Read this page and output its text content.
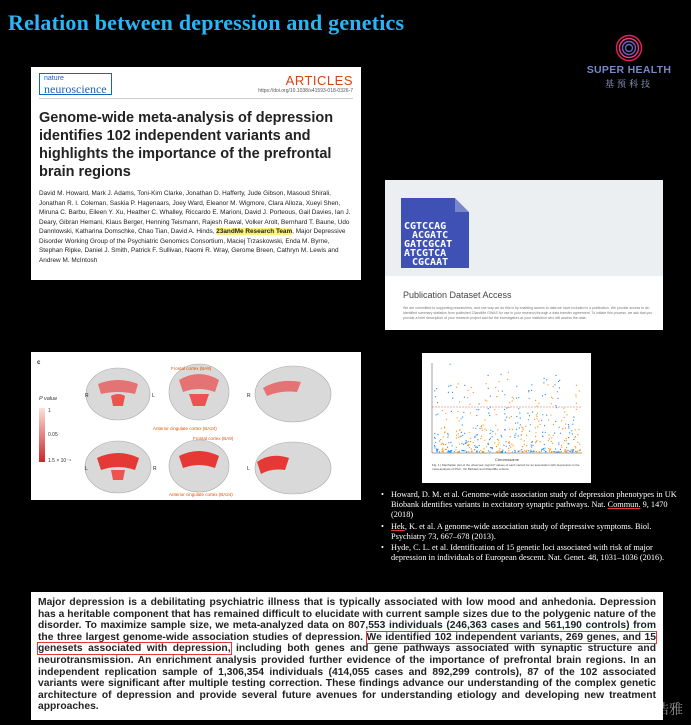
Relation between depression and genetics
SUPER HEALTH
基预科技
nature
neuroscience
ARTICLES
https://doi.org/10.1038/s41593-018-0326-7
Genome-wide meta-analysis of depression identifies 102 independent variants and highlights the importance of the prefrontal brain regions
David M. Howard, Mark J. Adams, Toni-Kim Clarke, Jonathan D. Hafferty, Jude Gibson, Masoud Shirali, Jonathan R. I. Coleman, Saskia P. Hagenaars, Joey Ward, Eleanor M. Wigmore, Clara Alloza, Xueyi Shen, Miruna C. Barbu, Eileen Y. Xu, Heather C. Whalley, Riccardo E. Marioni, David J. Porteous, Gail Davies, Ian J. Deary, Gibran Hemani, Klaus Berger, Henning Teismann, Rajesh Rawal, Volker Arolt, Bernhard T. Baune, Udo Dannlowski, Katharina Domschke, Chao Tian, David A. Hinds, 23andMe Research Team, Major Depressive Disorder Working Group of the Psychiatric Genomics Consortium, Maciej Trzaskowski, Enda M. Byrne, Stephan Ripke, Daniel J. Smith, Patrick F. Sullivan, Naomi R. Wray, Gerome Breen, Cathryn M. Lewis and Andrew M. McIntosh
CGTCCAG
ACGATC
GATCGCAT
ATCGTCA
CGCAAT
Publication Dataset Access
We are committed to supporting researchers, and one way we do this is by enabling access to data we have included in a publication. We provide access to de-identified summary statistics from published 23andMe GWAS for use in your research through a data transfer agreement. To initiate this process, we ask that you provide a brief description of your research project and list the investigators at your institution who will access the data.
c
P value
1
0.05
1.5 × 10⁻⁴
R	L
Frontal cortex (BA9)
Anterior cingulate cortex (BA24)
R
L	R
Frontal cortex (BA9)
Anterior cingulate cortex (BA24)
L
Chromosome
Fig. 1 | Manhattan plot of the observed -log10 P values of each variant for an association with depression in the meta-analysis of PGC, UK Biobank and 23andMe cohorts.
• Howard, D. M. et al. Genome-wide association study of depression phenotypes in UK Biobank identifies variants in excitatory synaptic pathways. Nat. Commun. 9, 1470 (2018)
• Hek, K. et al. A genome-wide association study of depressive symptoms. Biol. Psychiatry 73, 667–678 (2013).
• Hyde, C. L. et al. Identification of 15 genetic loci associated with risk of major depression in individuals of European descent. Nat. Genet. 48, 1031–1036 (2016).

Major depression is a debilitating psychiatric illness that is typically associated with low mood and anhedonia. Depression has a heritable component that has remained difficult to elucidate with current sample sizes due to the polygenic nature of the disorder. To maximize sample size, we meta-analyzed data on 807,553 individuals (246,363 cases and 561,190 controls) from the three largest genome-wide association studies of depression. We identified 102 independent variants, 269 genes, and 15 genesets associated with depression, including both genes and gene pathways associated with synaptic structure and neurotransmission. An enrichment analysis provided further evidence of the importance of prefrontal brain regions. In an independent replication sample of 1,306,354 individuals (414,055 cases and 892,299 controls), 87 of the 102 associated variants were significant after multiple testing correction. These findings advance our understanding of the complex genetic architecture of depression and provide several future avenues for understanding etiology and developing new treatment approaches.	知乎 @浩浩雅
